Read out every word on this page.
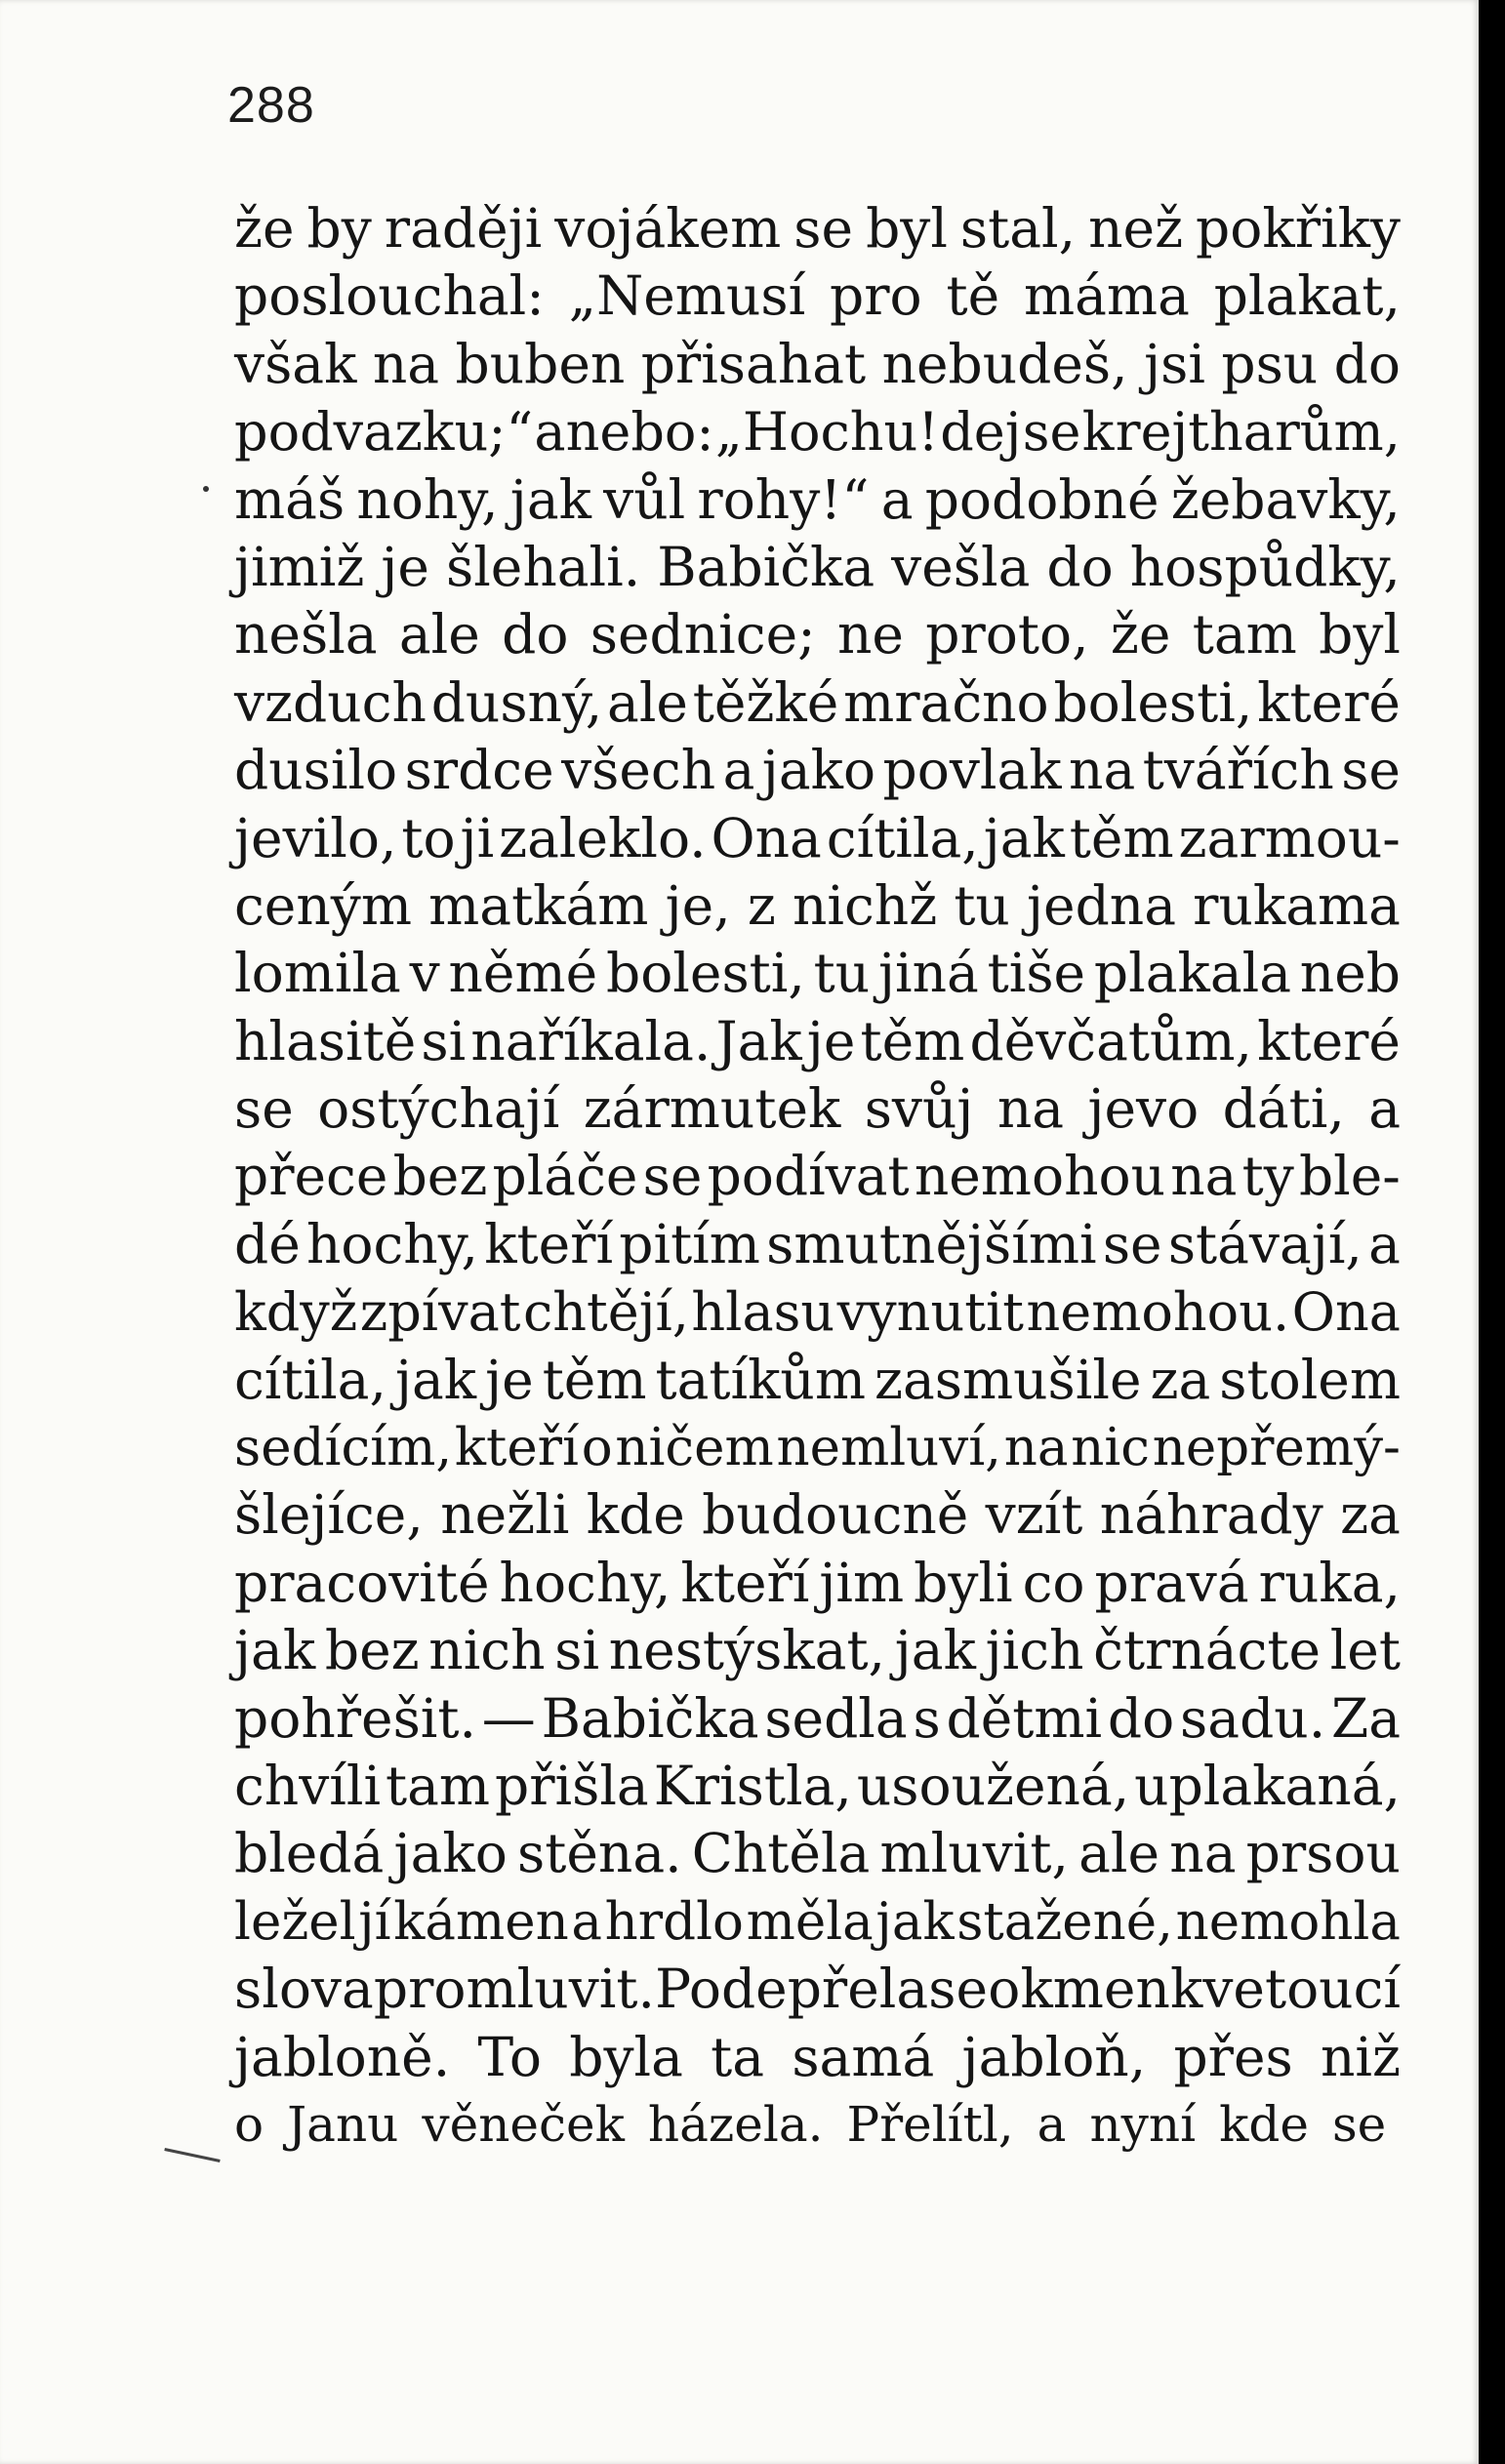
288
že by raději vojákem se byl stal, než pokřiky
poslouchal: „Nemusí pro tě máma plakat,
však na buben přisahat nebudeš, jsi psu do
podvazku;“ anebo: „Hochu! dej se k rejtharům,
máš nohy, jak vůl rohy!“ a podobné žebavky,
jimiž je šlehali. Babička vešla do hospůdky,
nešla ale do sednice; ne proto, že tam byl
vzduch dusný, ale těžké mračno bolesti, které
dusilo srdce všech a jako povlak na tvářích se
jevilo, to ji zaleklo. Ona cítila, jak těm zarmou-
ceným matkám je, z nichž tu jedna rukama
lomila v němé bolesti, tu jiná tiše plakala neb
hlasitě si naříkala. Jak je těm děvčatům, které
se ostýchají zármutek svůj na jevo dáti, a
přece bez pláče se podívat nemohou na ty ble-
dé hochy, kteří pitím smutnějšími se stávají, a
když zpívat chtějí, hlasu vynutit nemohou. Ona
cítila, jak je těm tatíkům zasmušile za stolem
sedícím, kteří o ničem nemluví, na nic nepřemý-
šlejíce, nežli kde budoucně vzít náhrady za
pracovité hochy, kteří jim byli co pravá ruka,
jak bez nich si nestýskat, jak jich čtrnácte let
pohřešit. — Babička sedla s dětmi do sadu. Za
chvíli tam přišla Kristla, usoužená, uplakaná,
bledá jako stěna. Chtěla mluvit, ale na prsou
ležel jí kámen a hrdlo měla jak stažené, nemohla
slova promluvit. Podepřela se o kmen kvetoucí
jabloně. To byla ta samá jabloň, přes niž
o Janu věneček házela. Přelítl, a nyní kde se
